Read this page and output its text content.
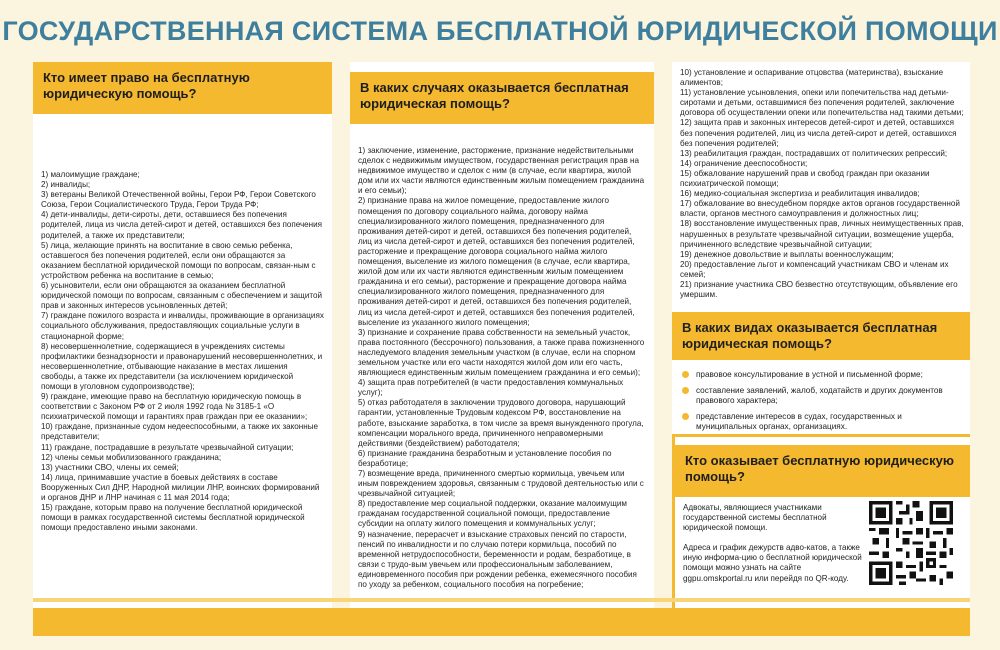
ГОСУДАРСТВЕННАЯ СИСТЕМА БЕСПЛАТНОЙ ЮРИДИЧЕСКОЙ ПОМОЩИ
Кто имеет право на бесплатную юридическую помощь?
1) малоимущие граждане;
2) инвалиды;
3) ветераны Великой Отечественной войны, Герои РФ, Герои Советского Союза, Герои Социалистического Труда, Герои Труда РФ;
4) дети-инвалиды, дети-сироты, дети, оставшиеся без попечения родителей, лица из числа детей-сирот и детей, оставшихся без попечения родителей, а также их представители;
5) лица, желающие принять на воспитание в свою семью ребенка, оставшегося без попечения родителей, если они обращаются за оказанием бесплатной юридической помощи по вопросам, связан-ным с устройством ребенка на воспитание в семью;
6) усыновители, если они обращаются за оказанием бесплатной юридической помощи по вопросам, связанным с обеспечением и защитой прав и законных интересов усыновленных детей;
7) граждане пожилого возраста и инвалиды, проживающие в организациях социального обслуживания, предоставляющих социальные услуги в стационарной форме;
8) несовершеннолетние, содержащиеся в учреждениях системы профилактики безнадзорности и правонарушений несовершеннолетних, и несовершеннолетние, отбывающие наказание в местах лишения свободы, а также их представители (за исключением юридической помощи в уголовном судопроизводстве);
9) граждане, имеющие право на бесплатную юридическую помощь в соответствии с Законом РФ от 2 июля 1992 года № 3185-1 «О психиатрической помощи и гарантиях прав граждан при ее оказании»;
10) граждане, признанные судом недееспособными, а также их законные представители;
11) граждане, пострадавшие в результате чрезвычайной ситуации;
12) члены семьи мобилизованного гражданина;
13) участники СВО, члены их семей;
14) лица, принимавшие участие в боевых действиях в составе Вооруженных Сил ДНР, Народной милиции ЛНР, воинских формирований и органов ДНР и ЛНР начиная с 11 мая 2014 года;
15) граждане, которым право на получение бесплатной юридической помощи в рамках государственной системы бесплатной юридической помощи предоставлено иными законами.
В каких случаях оказывается бесплатная юридическая помощь?
1) заключение, изменение, расторжение, признание недействительными сделок с недвижимым имуществом, государственная регистрация прав на недвижимое имущество и сделок с ним (в случае, если квартира, жилой дом или их части являются единственным жилым помещением гражданина и его семьи);
2) признание права на жилое помещение, предоставление жилого помещения по договору социального найма, договору найма специализированного жилого помещения, предназначенного для проживания детей-сирот и детей, оставшихся без попечения родителей, лиц из числа детей-сирот и детей, оставшихся без попечения родителей, расторжение и прекращение договора социального найма жилого помещения, выселение из жилого помещения (в случае, если квартира, жилой дом или их части являются единственным жилым помещением гражданина и его семьи), расторжение и прекращение договора найма специализированного жилого помещения, предназначенного для проживания детей-сирот и детей, оставшихся без попечения родителей, лиц из числа детей-сирот и детей, оставшихся без попечения родителей, выселение из указанного жилого помещения;
3) признание и сохранение права собственности на земельный участок, права постоянного (бессрочного) пользования, а также права пожизненного наследуемого владения земельным участком (в случае, если на спорном земельном участке или его части находятся жилой дом или его часть, являющиеся единственным жилым помещением гражданина и его семьи);
4) защита прав потребителей (в части предоставления коммунальных услуг);
5) отказ работодателя в заключении трудового договора, нарушающий гарантии, установленные Трудовым кодексом РФ, восстановление на работе, взыскание заработка, в том числе за время вынужденного прогула, компенсации морального вреда, причиненного неправомерными действиями (бездействием) работодателя;
6) признание гражданина безработным и установление пособия по безработице;
7) возмещение вреда, причиненного смертью кормильца, увечьем или иным повреждением здоровья, связанным с трудовой деятельностью или с чрезвычайной ситуацией;
8) предоставление мер социальной поддержки, оказание малоимущим гражданам государственной социальной помощи, предоставление субсидии на оплату жилого помещения и коммунальных услуг;
9) назначение, перерасчет и взыскание страховых пенсий по старости, пенсий по инвалидности и по случаю потери кормильца, пособий по временной нетрудоспособности, беременности и родам, безработице, в связи с трудо-вым увечьем или профессиональным заболеванием, единовременного пособия при рождении ребенка, ежемесячного пособия по уходу за ребенком, социального пособия на погребение;
10) установление и оспаривание отцовства (материнства), взыскание алиментов;
11) установление усыновления, опеки или попечительства над детьми-сиротами и детьми, оставшимися без попечения родителей, заключение договора об осуществлении опеки или попечительства над такими детьми;
12) защита прав и законных интересов детей-сирот и детей, оставшихся без попечения родителей, лиц из числа детей-сирот и детей, оставшихся без попечения родителей;
13) реабилитация граждан, пострадавших от политических репрессий;
14) ограничение дееспособности;
15) обжалование нарушений прав и свобод граждан при оказании психиатрической помощи;
16) медико-социальная экспертиза и реабилитация инвалидов;
17) обжалование во внесудебном порядке актов органов государственной власти, органов местного самоуправления и должностных лиц;
18) восстановление имущественных прав, личных неимущественных прав, нарушенных в результате чрезвычайной ситуации, возмещение ущерба, причиненного вследствие чрезвычайной ситуации;
19) денежное довольствие и выплаты военнослужащим;
20) предоставление льгот и компенсаций участникам СВО и членам их семей;
21) признание участника СВО безвестно отсутствующим, объявление его умершим.
В каких видах оказывается бесплатная юридическая помощь?
правовое консультирование в устной и письменной форме;
составление заявлений, жалоб, ходатайств и других документов правового характера;
представление интересов в судах, государственных и муниципальных органах, организациях.
Кто оказывает бесплатную юридическую помощь?

Адвокаты, являющиеся участниками государственной системы бесплатной юридической помощи.

Адреса и график дежурств адво-катов, а также иную информа-цию о бесплатной юридической помощи можно узнать на сайте ggpu.omskportal.ru или перейдя по QR-коду.
